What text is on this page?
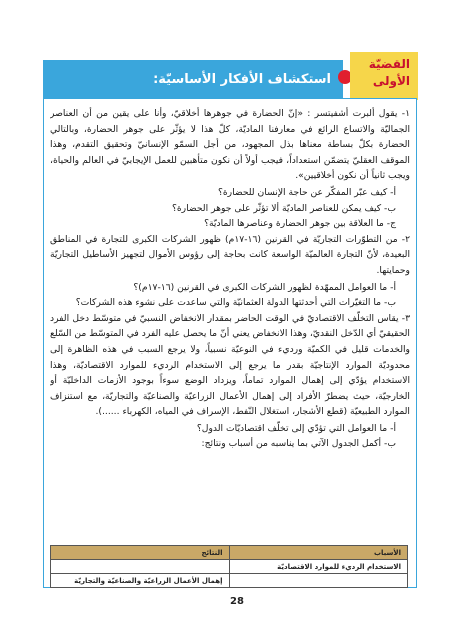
استكشاف الأفكار الأساسيّة:
القضيّة
الأولى

١- يقول ألبرت أشفيتسر : «إنّ الحضارة في جوهرها أخلاقيّ، وأنا على يقين من أن العناصر الجماليّة والاتساع الرائع في معارفنا الماديّة، كلّ هذا لا يؤثّر على جوهر الحضارة، وبالتالي الحضارة بكلّ بساطة معناها بذل المجهود، من أجل السمّو الإنسانيّ وتحقيق التقدم، وهذا الموقف العقليّ يتضمّن استعداداً، فيجب أولاً أن نكون متأهبين للعمل الإيجابيّ في العالم والحياة، ويجب ثانياً أن نكون أخلاقيين».

أ- كيف عبّر المفكّر عن حاجة الإنسان للحضارة؟

ب- كيف يمكن للعناصر الماديّة ألا تؤثّر على جوهر الحضارة؟

ج- ما العلاقة بين جوهر الحضارة وعناصرها الماديّة؟

٢- من التطوّرات التجاريّة في القرنين (١٦-١٧م) ظهور الشركات الكبرى للتجارة في المناطق البعيدة، لأنّ التجارة العالميّة الواسعة كانت بحاجة إلى رؤوس الأموال لتجهيز الأساطيل التجاريّة وحمايتها.

أ- ما العوامل الممهّدة لظهور الشركات الكبرى في القرنين (١٦-١٧م)؟

ب- ما التغيّرات التي أحدثتها الدولة العثمانيّة والتي ساعدت على نشوء هذه الشركات؟

٣- يقاس التخلّف الاقتصاديّ في الوقت الحاضر بمقدار الانخفاض النسبيّ في متوسّط دخل الفرد الحقيقيّ أي الدّخل النقديّ، وهذا الانخفاض يعني أنّ ما يحصل عليه الفرد في المتوسّط من السّلع والخدمات قليل في الكميّة ورديء في النوعيّة نسبياً، ولا يرجع السبب في هذه الظاهرة إلى محدوديّة الموارد الإنتاجيّة بقدر ما يرجع إلى الاستخدام الرديء للموارد الاقتصاديّة، وهذا الاستخدام يؤدّي إلى إهمال الموارد تماماً، ويزداد الوضع سوءاً بوجود الأزمات الداخليّة أو الخارجيّة، حيث يضطرّ الأفراد إلى إهمال الأعمال الزراعيّة والصناعيّة والتجاريّة، مع استنزاف الموارد الطبيعيّة (قطع الأشجار، استغلال النّفط، الإسراف في المياه، الكهرباء ......).

أ- ما العوامل التي تؤدّي إلى تخلّف اقتصاديّات الدول؟

ب- أكمل الجدول الآتي بما يناسبه من أسباب ونتائج:

الأسباب	النتائج
الاستخدام الرديء للموارد الاقتصاديّة	
	إهمال الأعمال الزراعيّة والصناعيّة والتجاريّة
28
